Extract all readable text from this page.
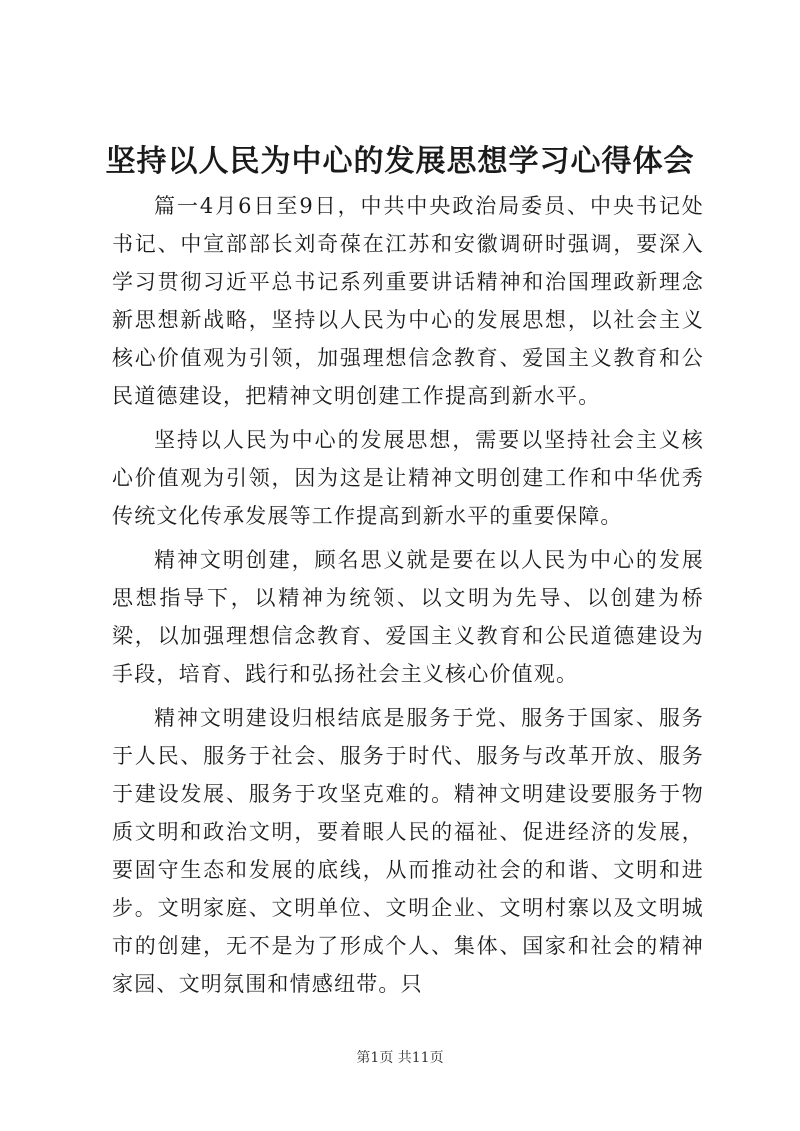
坚持以人民为中心的发展思想学习心得体会

篇一4月6日至9日，中共中央政治局委员、中央书记处书记、中宣部部长刘奇葆在江苏和安徽调研时强调，要深入学习贯彻习近平总书记系列重要讲话精神和治国理政新理念新思想新战略，坚持以人民为中心的发展思想，以社会主义核心价值观为引领，加强理想信念教育、爱国主义教育和公民道德建设，把精神文明创建工作提高到新水平。

坚持以人民为中心的发展思想，需要以坚持社会主义核心价值观为引领，因为这是让精神文明创建工作和中华优秀传统文化传承发展等工作提高到新水平的重要保障。

精神文明创建，顾名思义就是要在以人民为中心的发展思想指导下，以精神为统领、以文明为先导、以创建为桥梁，以加强理想信念教育、爱国主义教育和公民道德建设为手段，培育、践行和弘扬社会主义核心价值观。

精神文明建设归根结底是服务于党、服务于国家、服务于人民、服务于社会、服务于时代、服务与改革开放、服务于建设发展、服务于攻坚克难的。精神文明建设要服务于物质文明和政治文明，要着眼人民的福祉、促进经济的发展，要固守生态和发展的底线，从而推动社会的和谐、文明和进步。文明家庭、文明单位、文明企业、文明村寨以及文明城市的创建，无不是为了形成个人、集体、国家和社会的精神家园、文明氛围和情感纽带。只

第1页 共11页
